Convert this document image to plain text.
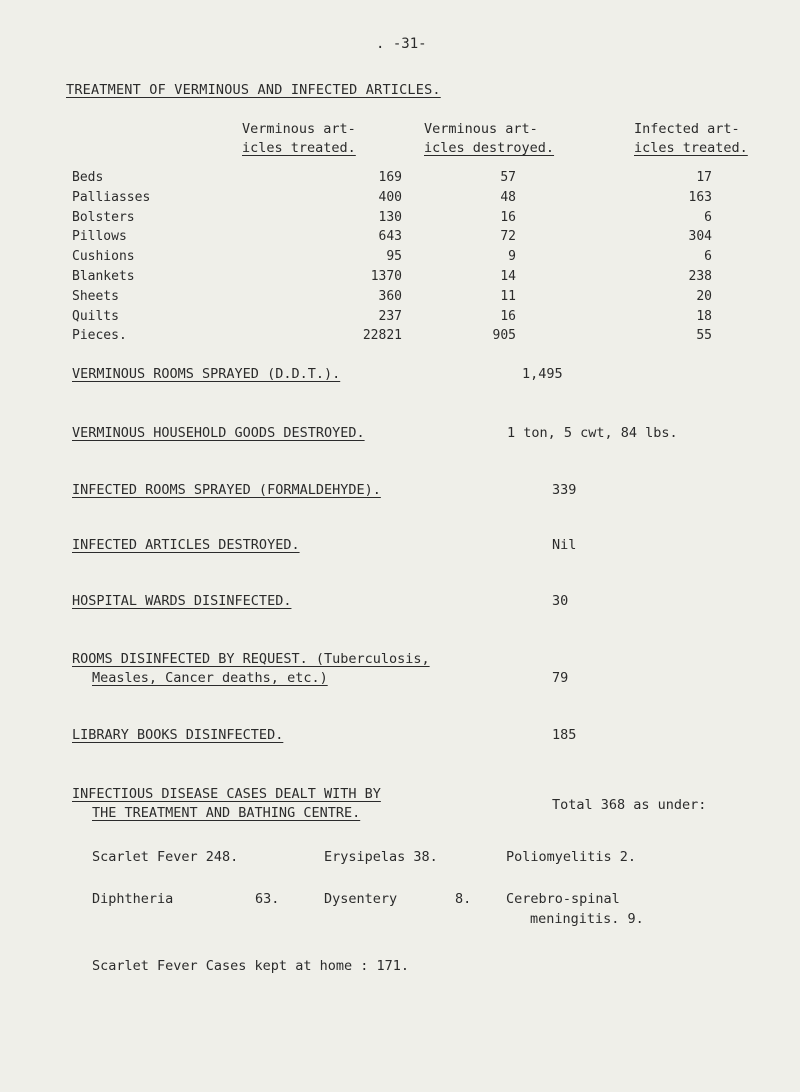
. -31-
TREATMENT OF VERMINOUS AND INFECTED ARTICLES.
Verminous art-
icles treated.
Verminous art-
icles destroyed.
Infected art-
icles treated.
Beds	169	57	17
Palliasses	400	48	163
Bolsters	130	16	6
Pillows	643	72	304
Cushions	95	9	6
Blankets	1370	14	238
Sheets	360	11	20
Quilts	237	16	18
Pieces.	22821	905	55
VERMINOUS ROOMS SPRAYED (D.D.T.).	1,495
VERMINOUS HOUSEHOLD GOODS DESTROYED.	1 ton, 5 cwt, 84 lbs.
INFECTED ROOMS SPRAYED (FORMALDEHYDE).	339
INFECTED ARTICLES DESTROYED.	Nil
HOSPITAL WARDS DISINFECTED.	30
ROOMS DISINFECTED BY REQUEST. (Tuberculosis,
Measles, Cancer deaths, etc.)	79
LIBRARY BOOKS DISINFECTED.	185
INFECTIOUS DISEASE CASES DEALT WITH BY
THE TREATMENT AND BATHING CENTRE.	Total 368 as under:
Scarlet Fever 248.	Erysipelas 38.	Poliomyelitis 2.
Diphtheria	63.	Dysentery	8.	Cerebro-spinal
meningitis. 9.
Scarlet Fever Cases kept at home : 171.
